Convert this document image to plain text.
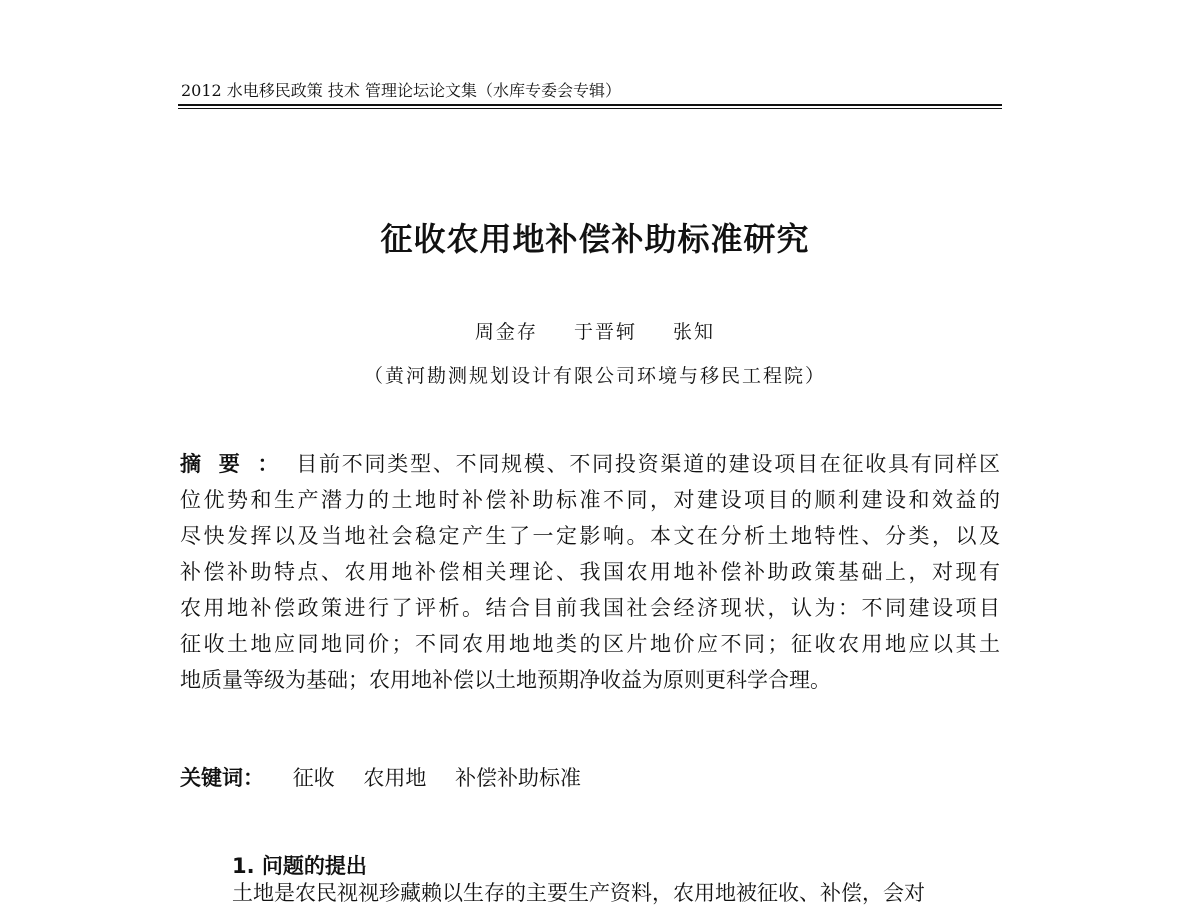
2012 水电移民政策 技术 管理论坛论文集（水库专委会专辑）
征收农用地补偿补助标准研究
周金存 于晋轲 张知
（黄河勘测规划设计有限公司环境与移民工程院）
摘要：目前不同类型、不同规模、不同投资渠道的建设项目在征收具有同样区
位优势和生产潜力的土地时补偿补助标准不同，对建设项目的顺利建设和效益的
尽快发挥以及当地社会稳定产生了一定影响。本文在分析土地特性、分类，以及
补偿补助特点、农用地补偿相关理论、我国农用地补偿补助政策基础上，对现有
农用地补偿政策进行了评析。结合目前我国社会经济现状，认为：不同建设项目
征收土地应同地同价；不同农用地地类的区片地价应不同；征收农用地应以其土
地质量等级为基础；农用地补偿以土地预期净收益为原则更科学合理。
关键词： 征收 农用地 补偿补助标准
1. 问题的提出
土地是农民视视珍藏赖以生存的主要生产资料，农用地被征收、补偿，会对
